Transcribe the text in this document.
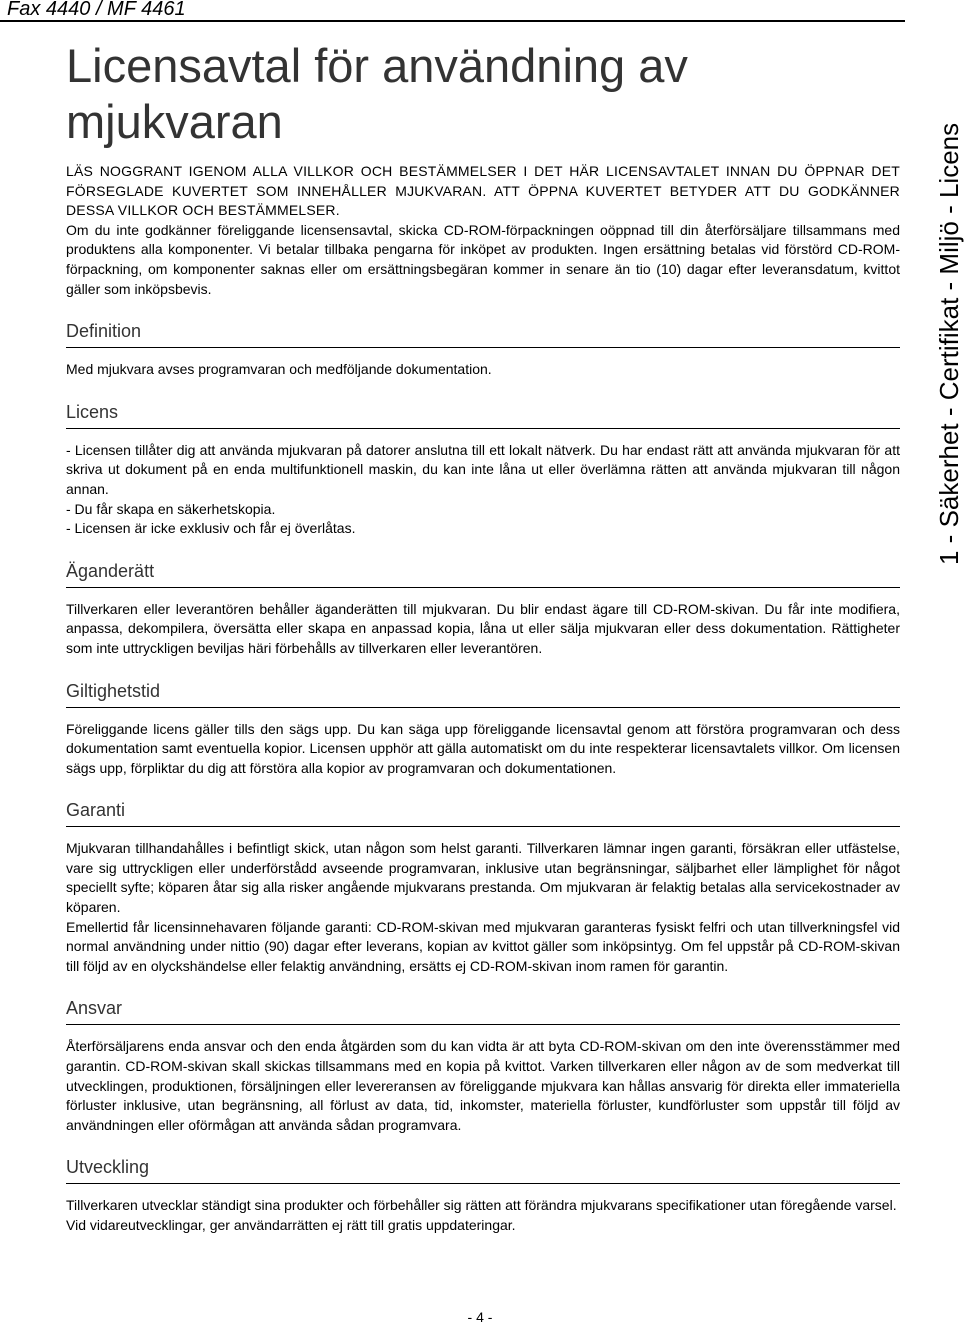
Fax 4440 / MF 4461
Licensavtal för användning av mjukvaran
1 - Säkerhet - Certifikat - Miljö - Licens

LÄS NOGGRANT IGENOM ALLA VILLKOR OCH BESTÄMMELSER I DET HÄR LICENSAVTALET INNAN DU ÖPPNAR DET FÖRSEGLADE KUVERTET SOM INNEHÅLLER MJUKVARAN. ATT ÖPPNA KUVERTET BETYDER ATT DU GODKÄNNER DESSA VILLKOR OCH BESTÄMMELSER.

Om du inte godkänner föreliggande licensensavtal, skicka CD-ROM-förpackningen oöppnad till din återförsäljare tillsammans med produktens alla komponenter. Vi betalar tillbaka pengarna för inköpet av produkten. Ingen ersättning betalas vid förstörd CD-ROM-förpackning, om komponenter saknas eller om ersättningsbegäran kommer in senare än tio (10) dagar efter leveransdatum, kvittot gäller som inköpsbevis.

Definition

Med mjukvara avses programvaran och medföljande dokumentation.

Licens

- Licensen tillåter dig att använda mjukvaran på datorer anslutna till ett lokalt nätverk. Du har endast rätt att använda mjukvaran för att skriva ut dokument på en enda multifunktionell maskin, du kan inte låna ut eller överlämna rätten att använda mjukvaran till någon annan.

- Du får skapa en säkerhetskopia.

- Licensen är icke exklusiv och får ej överlåtas.

Äganderätt

Tillverkaren eller leverantören behåller äganderätten till mjukvaran. Du blir endast ägare till CD-ROM-skivan. Du får inte modifiera, anpassa, dekompilera, översätta eller skapa en anpassad kopia, låna ut eller sälja mjukvaran eller dess dokumentation. Rättigheter som inte uttryckligen beviljas häri förbehålls av tillverkaren eller leverantören.

Giltighetstid

Föreliggande licens gäller tills den sägs upp. Du kan säga upp föreliggande licensavtal genom att förstöra programvaran och dess dokumentation samt eventuella kopior. Licensen upphör att gälla automatiskt om du inte respekterar licensavtalets villkor. Om licensen sägs upp, förpliktar du dig att förstöra alla kopior av programvaran och dokumentationen.

Garanti

Mjukvaran tillhandahålles i befintligt skick, utan någon som helst garanti. Tillverkaren lämnar ingen garanti, försäkran eller utfästelse, vare sig uttryckligen eller underförstådd avseende programvaran, inklusive utan begränsningar, säljbarhet eller lämplighet för något speciellt syfte; köparen åtar sig alla risker angående mjukvarans prestanda. Om mjukvaran är felaktig betalas alla servicekostnader av köparen.

Emellertid får licensinnehavaren följande garanti: CD-ROM-skivan med mjukvaran garanteras fysiskt felfri och utan tillverkningsfel vid normal användning under nittio (90) dagar efter leverans, kopian av kvittot gäller som inköpsintyg. Om fel uppstår på CD-ROM-skivan till följd av en olyckshändelse eller felaktig användning, ersätts ej CD-ROM-skivan inom ramen för garantin.

Ansvar

Återförsäljarens enda ansvar och den enda åtgärden som du kan vidta är att byta CD-ROM-skivan om den inte överensstämmer med garantin. CD-ROM-skivan skall skickas tillsammans med en kopia på kvittot. Varken tillverkaren eller någon av de som medverkat till utvecklingen, produktionen, försäljningen eller levereransen av föreliggande mjukvara kan hållas ansvarig för direkta eller immateriella förluster inklusive, utan begränsning, all förlust av data, tid, inkomster, materiella förluster, kundförluster som uppstår till följd av användningen eller oförmågan att använda sådan programvara.

Utveckling

Tillverkaren utvecklar ständigt sina produkter och förbehåller sig rätten att förändra mjukvarans specifikationer utan föregående varsel. Vid vidareutvecklingar, ger användarrätten ej rätt till gratis uppdateringar.

- 4 -
